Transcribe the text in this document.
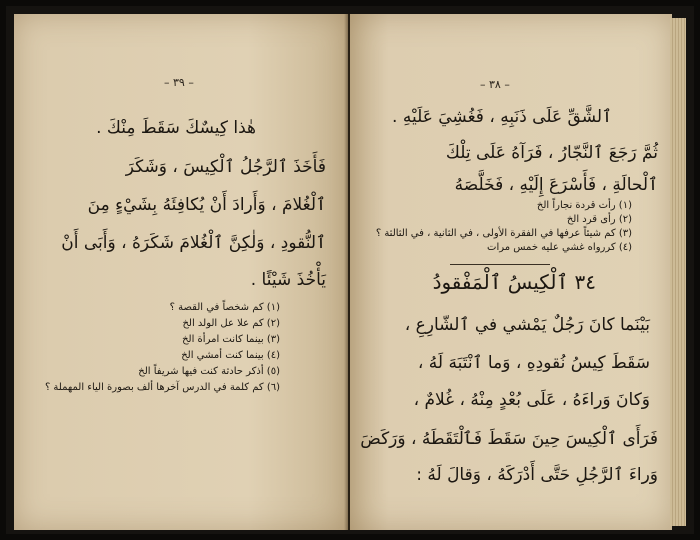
– ٣٩ –
هٰذا كِيسٌكَ سَقَطَ مِنْكَ .
فَأَخَذَ ٱلرَّجُلُ ٱلْكِيسَ ، وَشَكَرَ
ٱلْغُلامَ ، وَأَرادَ أَنْ يُكافِئَهُ بِشَيْءٍ مِنَ
ٱلنُّقودِ ، وَلٰكِنَّ ٱلْغُلامَ شَكَرَهُ ، وَأَبَى أَنْ
يَأْخُذَ شَيْئًا .
(١) كم شخصاً في القصة ؟
(٢) كم علا عل الولد الخ
(٣) بينما كانت امرأة الخ
(٤) بينما كنت أمشي الخ
(٥) أذكر حادثة كنت فيها شريفاً الخ
(٦) كم كلمة في الدرس آخرها ألف بصورة الياء المهملة ؟
– ٣٨ –
ٱلشَّقِّ عَلَى ذَنَبِهِ ، فَغُشِيَ عَلَيْهِ .
ثُمَّ رَجَعَ ٱلنَّجّارُ ، فَرَآهُ عَلَى تِلْكَ
ٱلْحالَةِ ، فَأَسْرَعَ إِلَيْهِ ، فَخَلَّصَهُ
(١) رأت قردة نجاراً الخ
(٢) رأى قرد الخ
(٣) كم شيئاً عرفها في الفقرة الأولى ، في الثانية ، في الثالثة ؟
(٤) كررواه غشي عليه خمس مرات
٣٤ ٱلْكِيسُ ٱلْمَفْقودُ
بَيْنَما كانَ رَجُلٌ يَمْشي في ٱلشّارِعِ ،
سَقَطَ كِيسُ نُقودِهِ ، وَما ٱنْتَبَهَ لَهُ ،
وَكانَ وَراءَهُ ، عَلَى بُعْدٍ مِنْهُ ، غُلامٌ ،
فَرَأَى ٱلْكِيسَ حِينَ سَقَطَ فَٱلْتَقَطَهُ ، وَرَكَضَ
وَراءَ ٱلرَّجُلِ حَتَّى أَدْرَكَهُ ، وَقالَ لَهُ :
